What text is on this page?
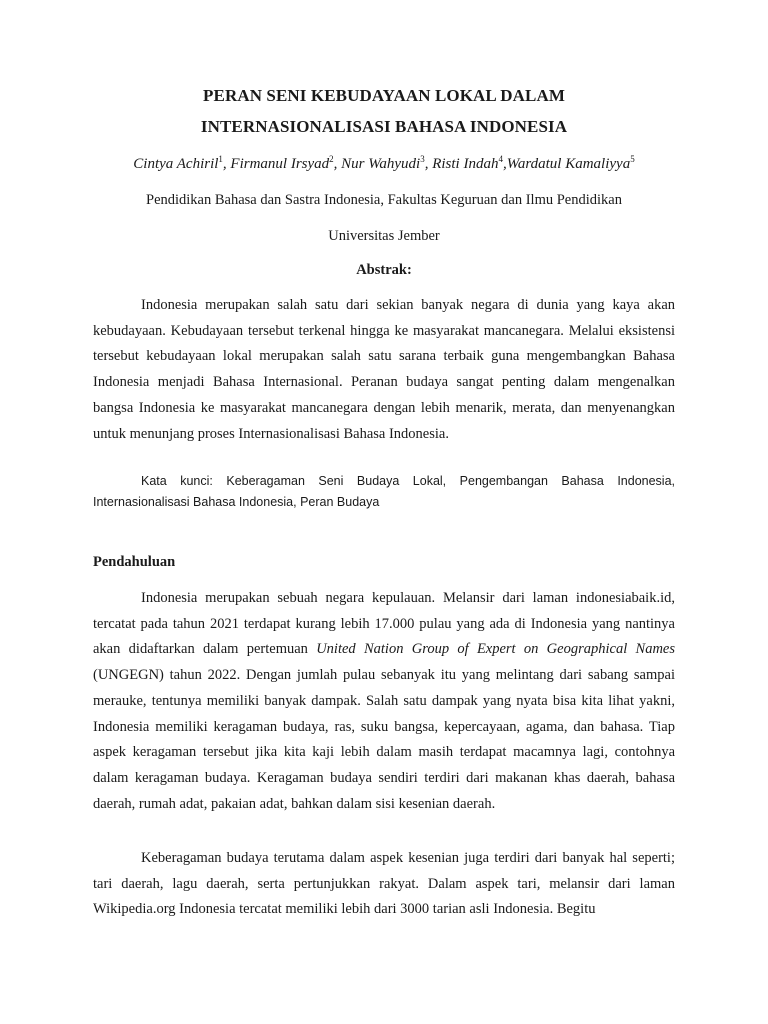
PERAN SENI KEBUDAYAAN LOKAL DALAM
INTERNASIONALISASI BAHASA INDONESIA
Cintya Achiril$^1$, Firmanul Irsyad$^2$, Nur Wahyudi$^3$, Risti Indah$^4$,Wardatul Kamaliyya$^5$
Pendidikan Bahasa dan Sastra Indonesia, Fakultas Keguruan dan Ilmu Pendidikan
Universitas Jember
Abstrak:
Indonesia merupakan salah satu dari sekian banyak negara di dunia yang kaya akan kebudayaan. Kebudayaan tersebut terkenal hingga ke masyarakat mancanegara. Melalui eksistensi tersebut kebudayaan lokal merupakan salah satu sarana terbaik guna mengembangkan Bahasa Indonesia menjadi Bahasa Internasional. Peranan budaya sangat penting dalam mengenalkan bangsa Indonesia ke masyarakat mancanegara dengan lebih menarik, merata, dan menyenangkan untuk menunjang proses Internasionalisasi Bahasa Indonesia.
Kata kunci: Keberagaman Seni Budaya Lokal, Pengembangan Bahasa Indonesia, Internasionalisasi Bahasa Indonesia, Peran Budaya
Pendahuluan
Indonesia merupakan sebuah negara kepulauan. Melansir dari laman indonesiabaik.id, tercatat pada tahun 2021 terdapat kurang lebih 17.000 pulau yang ada di Indonesia yang nantinya akan didaftarkan dalam pertemuan United Nation Group of Expert on Geographical Names (UNGEGN) tahun 2022. Dengan jumlah pulau sebanyak itu yang melintang dari sabang sampai merauke, tentunya memiliki banyak dampak. Salah satu dampak yang nyata bisa kita lihat yakni, Indonesia memiliki keragaman budaya, ras, suku bangsa, kepercayaan, agama, dan bahasa. Tiap aspek keragaman tersebut jika kita kaji lebih dalam masih terdapat macamnya lagi, contohnya dalam keragaman budaya. Keragaman budaya sendiri terdiri dari makanan khas daerah, bahasa daerah, rumah adat, pakaian adat, bahkan dalam sisi kesenian daerah.
Keberagaman budaya terutama dalam aspek kesenian juga terdiri dari banyak hal seperti; tari daerah, lagu daerah, serta pertunjukkan rakyat. Dalam aspek tari, melansir dari laman Wikipedia.org Indonesia tercatat memiliki lebih dari 3000 tarian asli Indonesia. Begitu
